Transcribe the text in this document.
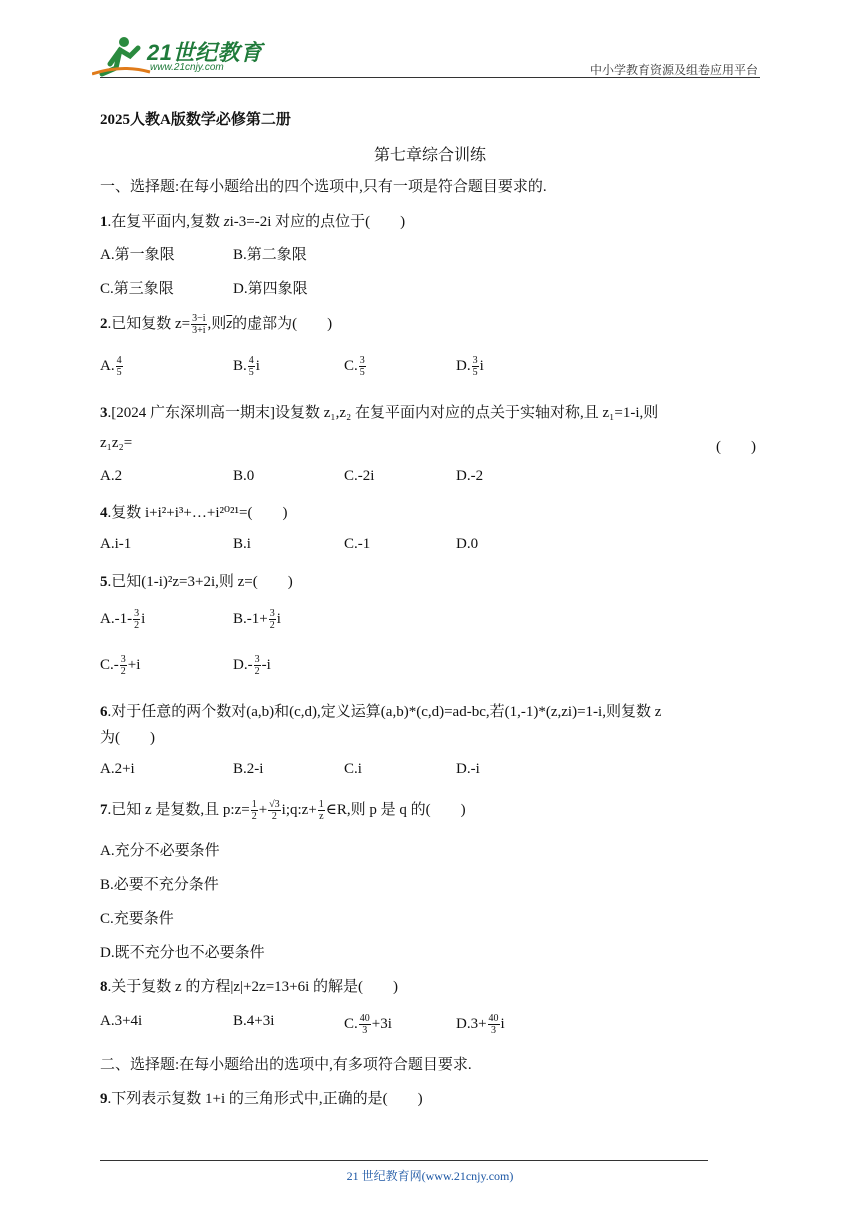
21世纪教育
www.21cnjy.com	中小学教育资源及组卷应用平台
2025人教A版数学必修第二册
第七章综合训练
一、选择题:在每小题给出的四个选项中,只有一项是符合题目要求的.
1.在复平面内,复数 zi-3=-2i 对应的点位于(　　)
A.第一象限	B.第二象限
C.第三象限	D.第四象限
2.已知复数 $z= \frac{3-i}{3+i}$ ,则$\overline{z}$的虚部为(　　)
A. $\frac{4}{5}$	B. $\frac{4}{5}$ i	C. $\frac{3}{5}$	D. $\frac{3}{5}$ i
3.[2024 广东深圳高一期末]设复数 z₁,z₂ 在复平面内对应的点关于实轴对称,且 z₁=1-i,则
z₁z₂=	(　　)
A.2	B.0	C.-2i	D.-2
4.复数 i+i²+i³+…+i²⁰²¹=(　　)
A.i-1	B.i	C.-1	D.0
5.已知(1-i)²z=3+2i,则 z=(　　)
$A.-1- \frac{3}{2}$ i	$B.-1+ \frac{3}{2}$ i
$C.- \frac{3}{2} +i$	$D.- \frac{3}{2} -i$
6.对于任意的两个数对(a,b)和(c,d),定义运算(a,b)*(c,d)=ad-bc,若(1,-1)*(z,zi)=1-i,则复数 z
为(　　)
A.2+i	B.2-i	C.i	D.-i
7.已知 z 是复数,且 p:z= $\frac{1}{2} + \frac{√3}{2}$ i;q:z+ $\frac{1}{z}$ ∈R,则 p 是 q 的(　　)
A.充分不必要条件
B.必要不充分条件
C.充要条件
D.既不充分也不必要条件
8.关于复数 z 的方程|z|+2z=13+6i 的解是(　　)
A.3+4i	B.4+3i	C. $\frac{40}{3} +3i$	$D.3+ \frac{40}{3}$ i
二、选择题:在每小题给出的选项中,有多项符合题目要求.
9.下列表示复数 1+i 的三角形式中,正确的是(　　)
21 世纪教育网(www.21cnjy.com)
